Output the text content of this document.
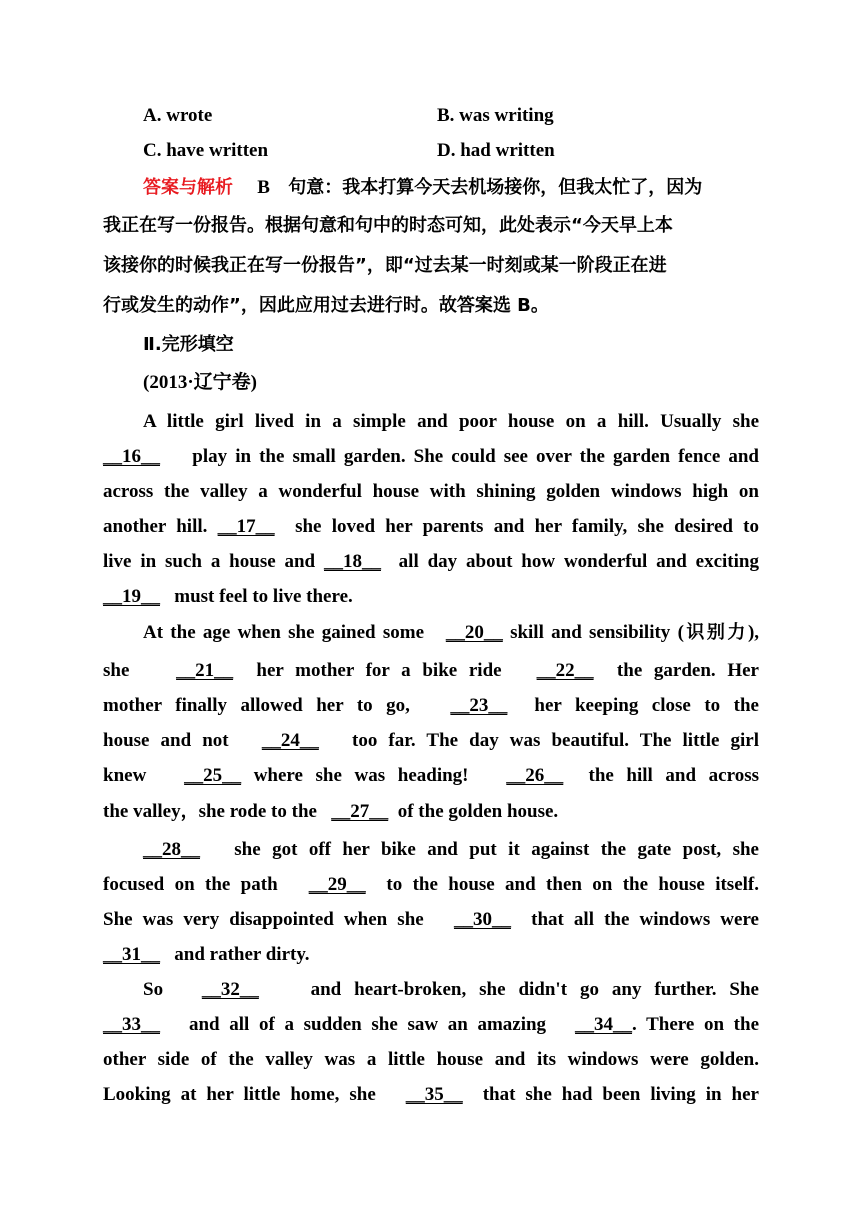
A. wrote	B. was writing
C. have written	D. had written
答案与解析 B 句意：我本打算今天去机场接你，但我太忙了，因为
我正在写一份报告。根据句意和句中的时态可知，此处表示“今天早上本
该接你的时候我正在写一份报告”，即“过去某一时刻或某一阶段正在进
行或发生的动作”，因此应用过去进行时。故答案选 B。
Ⅱ.完形填空
(2013·辽宁卷)
A little girl lived in a simple and poor house on a hill. Usually she
__16__    play in the small garden. She could see over the garden fence and
across the valley a wonderful house with shining golden windows high on
another hill. __17__  she loved her parents and her family, she desired to
live in such a house and __18__  all day about how wonderful and exciting
__19__   must feel to live there.
At the age when she gained some   __20__ skill and sensibility (识别力),
she    __21__  her mother for a bike ride   __22__  the garden. Her
mother finally allowed her to go,   __23__  her keeping close to the
house and not   __24__   too far. The day was beautiful. The little girl
knew   __25__ where she was heading!   __26__  the hill and across
the valley，she rode to the   __27__  of the golden house.
__28__   she got off her bike and put it against the gate post, she
focused on the path   __29__  to the house and then on the house itself.
She was very disappointed when she   __30__  that all the windows were
__31__   and rather dirty.
So   __32__    and heart-broken, she didn't go any further. She
__33__   and all of a sudden she saw an amazing   __34__. There on the
other side of the valley was a little house and its windows were golden.
Looking at her little home, she   __35__  that she had been living in her
